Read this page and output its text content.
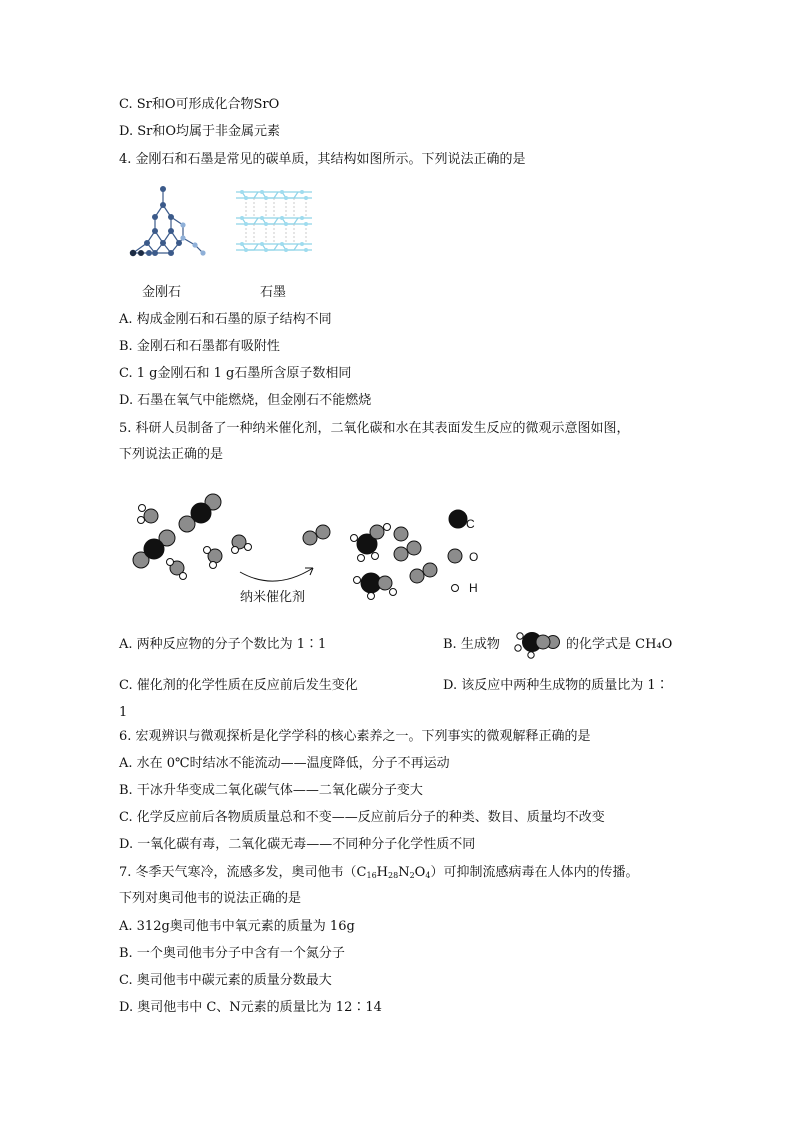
C. Sr和O可形成化合物SrO
D. Sr和O均属于非金属元素
4. 金刚石和石墨是常见的碳单质，其结构如图所示。下列说法正确的是
金刚石	石墨
A. 构成金刚石和石墨的原子结构不同
B. 金刚石和石墨都有吸附性
C. 1 g金刚石和 1 g石墨所含原子数相同
D. 石墨在氧气中能燃烧，但金刚石不能燃烧
5. 科研人员制备了一种纳米催化剂，二氧化碳和水在其表面发生反应的微观示意图如图，
下列说法正确的是
C
O
H
纳米催化剂
A. 两种反应物的分子个数比为 1∶1	B. 生成物	的化学式是 CH₄O
C. 催化剂的化学性质在反应前后发生变化	D. 该反应中两种生成物的质量比为 1∶
1
6. 宏观辨识与微观探析是化学学科的核心素养之一。下列事实的微观解释正确的是
A. 水在 0℃时结冰不能流动——温度降低，分子不再运动
B. 干冰升华变成二氧化碳气体——二氧化碳分子变大
C. 化学反应前后各物质质量总和不变——反应前后分子的种类、数目、质量均不改变
D. 一氧化碳有毒，二氧化碳无毒——不同种分子化学性质不同
7. 冬季天气寒冷，流感多发，奥司他韦$(C_{16}H_{28}N_2O_4)$可抑制流感病毒在人体内的传播。
下列对奥司他韦的说法正确的是
A. 312g奥司他韦中氧元素的质量为 16g
B. 一个奥司他韦分子中含有一个氮分子
C. 奥司他韦中碳元素的质量分数最大
D. 奥司他韦中 C、N元素的质量比为 12∶14
